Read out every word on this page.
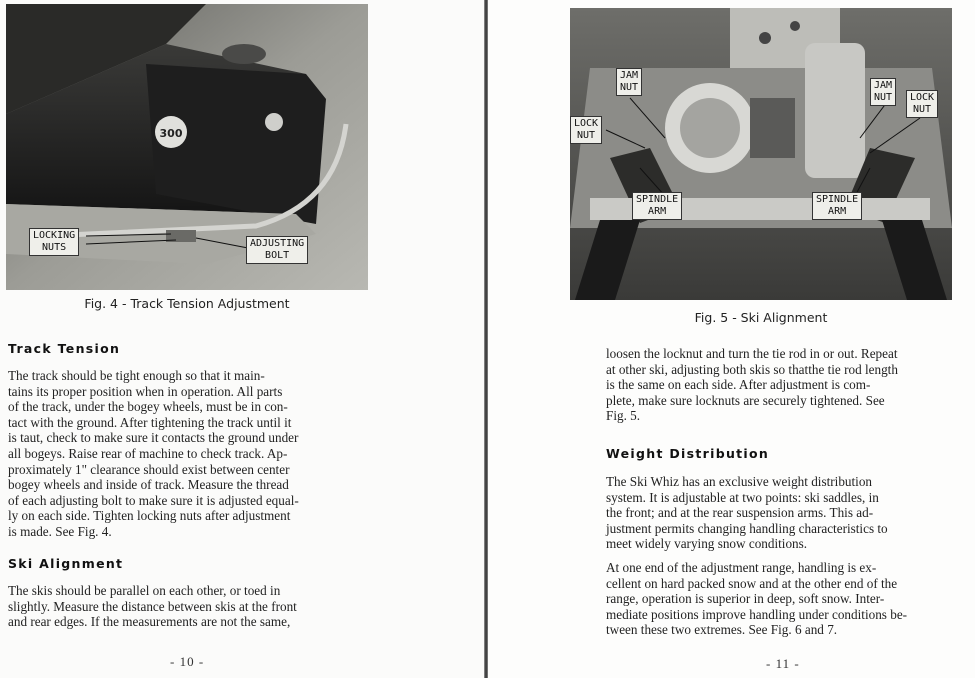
300
LOCKING
NUTS	ADJUSTING
BOLT
Fig. 4 - Track Tension Adjustment
Track Tension

The track should be tight enough so that it main-
tains its proper position when in operation. All parts
of the track, under the bogey wheels, must be in con-
tact with the ground. After tightening the track until it
is taut, check to make sure it contacts the ground under
all bogeys. Raise rear of machine to check track. Ap-
proximately 1" clearance should exist between center
bogey wheels and inside of track. Measure the thread
of each adjusting bolt to make sure it is adjusted equal-
ly on each side. Tighten locking nuts after adjustment
is made. See Fig. 4.

Ski Alignment

The skis should be parallel on each other, or toed in
slightly. Measure the distance between skis at the front
and rear edges. If the measurements are not the same,

- 10 -
JAM
NUT
LOCK
NUT
JAM
NUT	LOCK
NUT
SPINDLE
ARM
SPINDLE
ARM
Fig. 5 - Ski Alignment

loosen the locknut and turn the tie rod in or out. Repeat
at other ski, adjusting both skis so thatthe tie rod length
is the same on each side. After adjustment is com-
plete, make sure locknuts are securely tightened. See
Fig. 5.

Weight Distribution

The Ski Whiz has an exclusive weight distribution
system. It is adjustable at two points: ski saddles, in
the front; and at the rear suspension arms. This ad-
justment permits changing handling characteristics to
meet widely varying snow conditions.

At one end of the adjustment range, handling is ex-
cellent on hard packed snow and at the other end of the
range, operation is superior in deep, soft snow. Inter-
mediate positions improve handling under conditions be-
tween these two extremes. See Fig. 6 and 7.

- 11 -
